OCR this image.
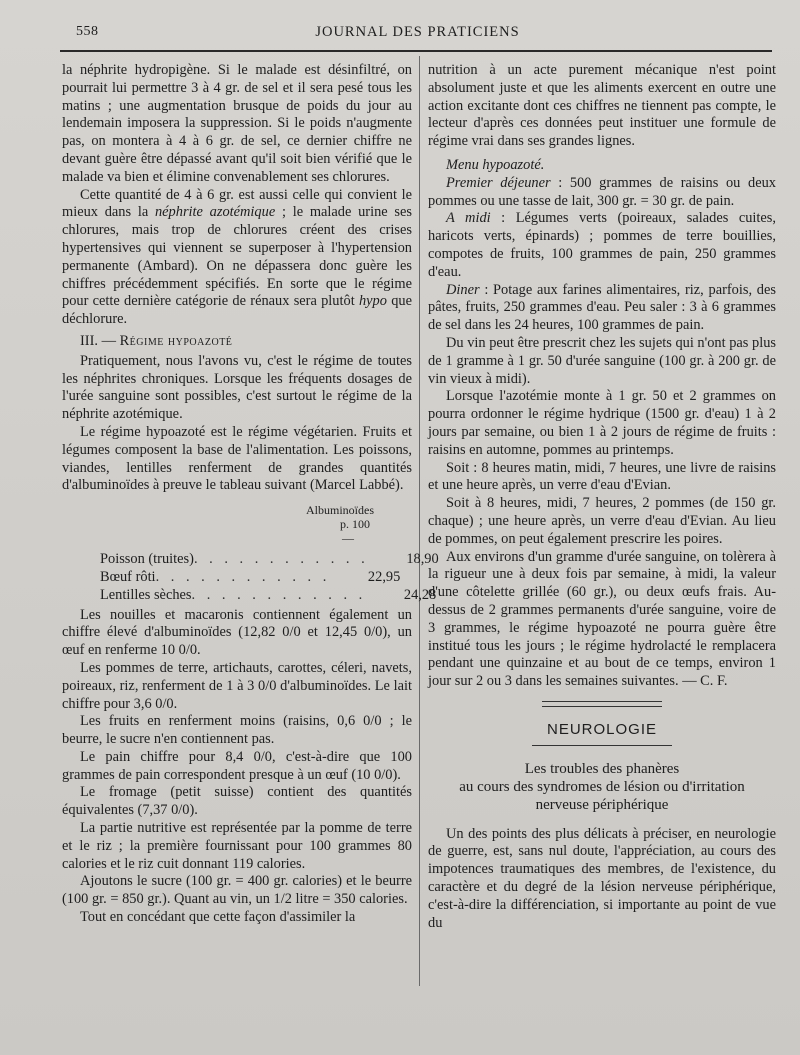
558	JOURNAL DES PRATICIENS

la néphrite hydropigène. Si le malade est désinfiltré, on pourrait lui permettre 3 à 4 gr. de sel et il sera pesé tous les matins ; une augmentation brusque de poids du jour au lendemain imposera la suppression. Si le poids n'augmente pas, on montera à 4 à 6 gr. de sel, ce dernier chiffre ne devant guère être dépassé avant qu'il soit bien vérifié que le malade va bien et élimine convenablement ses chlorures.

Cette quantité de 4 à 6 gr. est aussi celle qui convient le mieux dans la néphrite azotémique ; le malade urine ses chlorures, mais trop de chlorures créent des crises hypertensives qui viennent se superposer à l'hypertension permanente (Ambard). On ne dépassera donc guère les chiffres précédemment spécifiés. En sorte que le régime pour cette dernière catégorie de rénaux sera plutôt hypo que déchlorure.

III. — Régime hypoazoté

Pratiquement, nous l'avons vu, c'est le régime de toutes les néphrites chroniques. Lorsque les fréquents dosages de l'urée sanguine sont possibles, c'est surtout le régime de la néphrite azotémique.

Le régime hypoazoté est le régime végétarien. Fruits et légumes composent la base de l'alimentation. Les poissons, viandes, lentilles renferment de grandes quantités d'albuminoïdes à preuve le tableau suivant (Marcel Labbé).

Albuminoïdes
p. 100
—
Poisson (truites) . . . . . . . . . . . .	18,90
Bœuf rôti . . . . . . . . . . . .	22,95
Lentilles sèches . . . . . . . . . . . .	24,28

Les nouilles et macaronis contiennent également un chiffre élevé d'albuminoïdes (12,82 0/0 et 12,45 0/0), un œuf en renferme 10 0/0.

Les pommes de terre, artichauts, carottes, céleri, navets, poireaux, riz, renferment de 1 à 3 0/0 d'albuminoïdes. Le lait chiffre pour 3,6 0/0.

Les fruits en renferment moins (raisins, 0,6 0/0 ; le beurre, le sucre n'en contiennent pas.

Le pain chiffre pour 8,4 0/0, c'est-à-dire que 100 grammes de pain correspondent presque à un œuf (10 0/0).

Le fromage (petit suisse) contient des quantités équivalentes (7,37 0/0).

La partie nutritive est représentée par la pomme de terre et le riz ; la première fournissant pour 100 grammes 80 calories et le riz cuit donnant 119 calories.

Ajoutons le sucre (100 gr. = 400 gr. calories) et le beurre (100 gr. = 850 gr.). Quant au vin, un 1/2 litre = 350 calories.

Tout en concédant que cette façon d'assimiler la

nutrition à un acte purement mécanique n'est point absolument juste et que les aliments exercent en outre une action excitante dont ces chiffres ne tiennent pas compte, le lecteur d'après ces données peut instituer une formule de régime vrai dans ses grandes lignes.

Menu hypoazoté.

Premier déjeuner : 500 grammes de raisins ou deux pommes ou une tasse de lait, 300 gr. = 30 gr. de pain.

A midi : Légumes verts (poireaux, salades cuites, haricots verts, épinards) ; pommes de terre bouillies, compotes de fruits, 100 grammes de pain, 250 grammes d'eau.

Diner : Potage aux farines alimentaires, riz, parfois, des pâtes, fruits, 250 grammes d'eau. Peu saler : 3 à 6 grammes de sel dans les 24 heures, 100 grammes de pain.

Du vin peut être prescrit chez les sujets qui n'ont pas plus de 1 gramme à 1 gr. 50 d'urée sanguine (100 gr. à 200 gr. de vin vieux à midi).

Lorsque l'azotémie monte à 1 gr. 50 et 2 grammes on pourra ordonner le régime hydrique (1500 gr. d'eau) 1 à 2 jours par semaine, ou bien 1 à 2 jours de régime de fruits : raisins en automne, pommes au printemps.

Soit : 8 heures matin, midi, 7 heures, une livre de raisins et une heure après, un verre d'eau d'Evian.

Soit à 8 heures, midi, 7 heures, 2 pommes (de 150 gr. chaque) ; une heure après, un verre d'eau d'Evian. Au lieu de pommes, on peut également prescrire les poires.

Aux environs d'un gramme d'urée sanguine, on tolèrera à la rigueur une à deux fois par semaine, à midi, la valeur d'une côtelette grillée (60 gr.), ou deux œufs frais. Au-dessus de 2 grammes permanents d'urée sanguine, voire de 3 grammes, le régime hypoazoté ne pourra guère être institué tous les jours ; le régime hydrolacté le remplacera pendant une quinzaine et au bout de ce temps, environ 1 jour sur 2 ou 3 dans les semaines suivantes. — C. F.

NEUROLOGIE
Les troubles des phanères
au cours des syndromes de lésion ou d'irritation
nerveuse périphérique

Un des points des plus délicats à préciser, en neurologie de guerre, est, sans nul doute, l'appréciation, au cours des impotences traumatiques des membres, de l'existence, du caractère et du degré de la lésion nerveuse périphérique, c'est-à-dire la différenciation, si importante au point de vue du
